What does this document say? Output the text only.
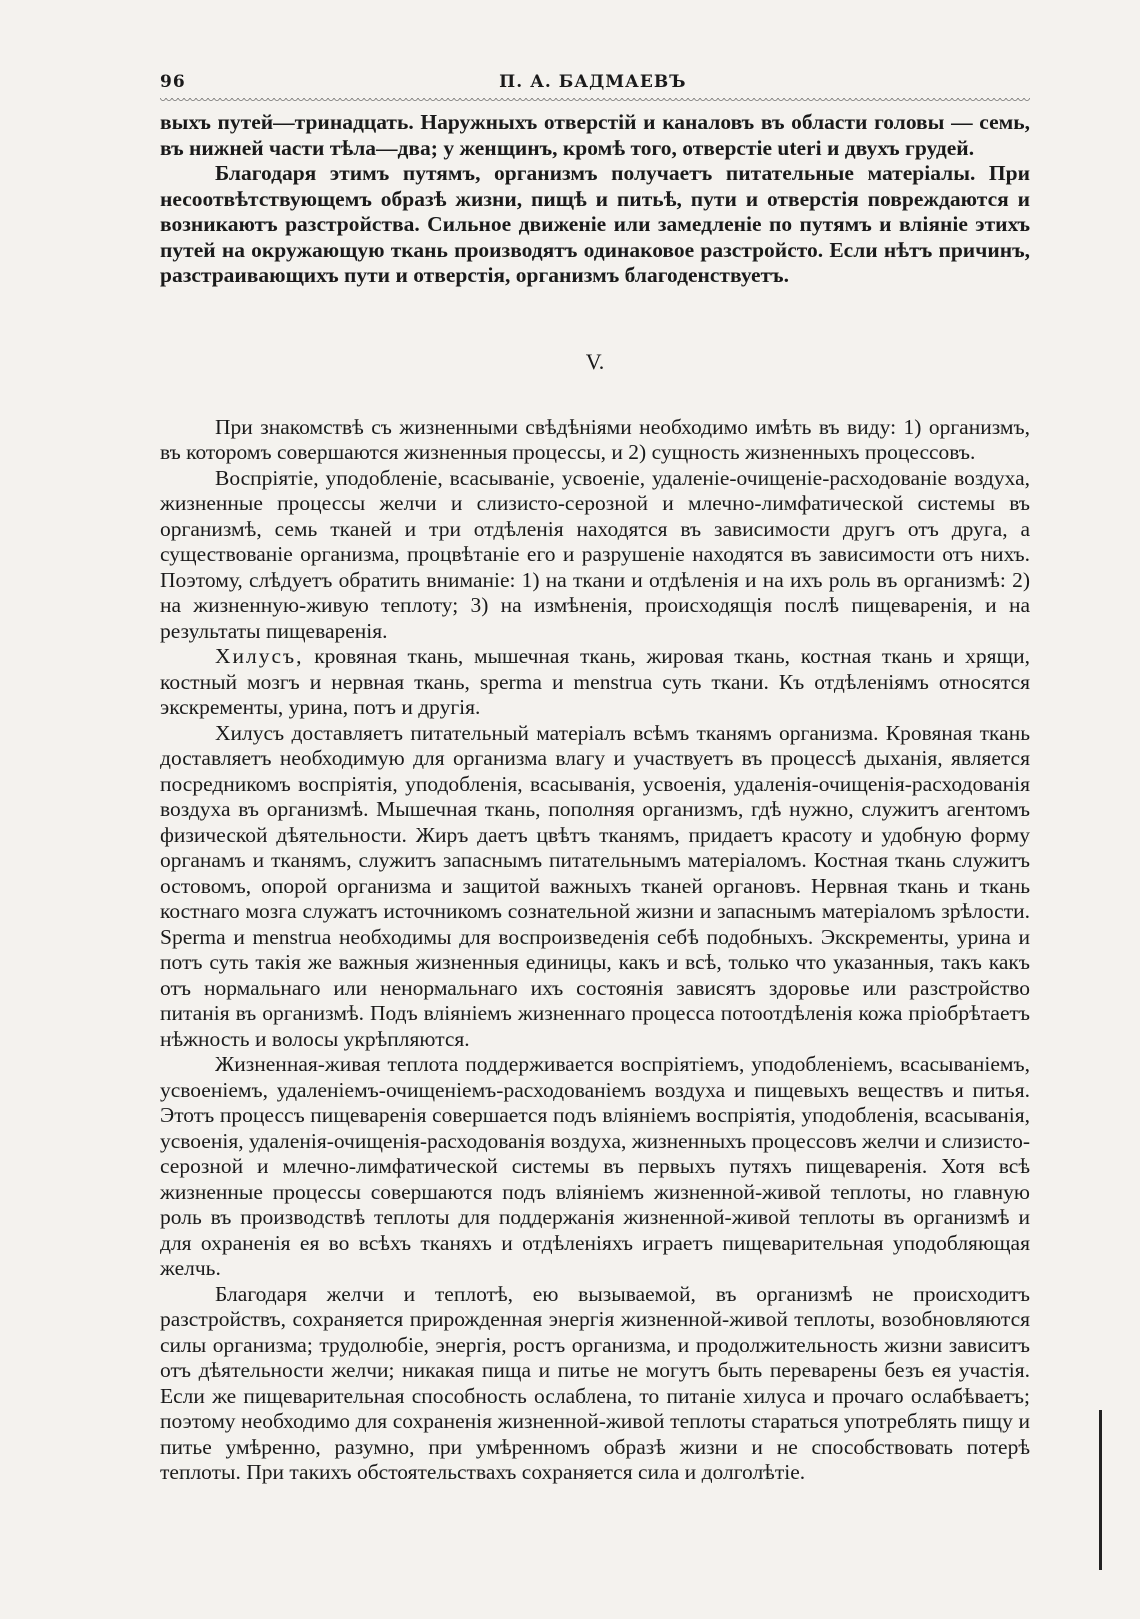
96	П. А. БАДМАЕВЪ

выхъ путей—тринадцать. Наружныхъ отверстій и каналовъ въ области головы — семь, въ нижней части тѣла—два; у женщинъ, кромѣ того, отверстіе uteri и двухъ грудей.

Благодаря этимъ путямъ, организмъ получаетъ питательные матеріалы. При несоотвѣтствующемъ образѣ жизни, пищѣ и питьѣ, пути и отверстія повреждаются и возникаютъ разстройства. Сильное движеніе или замедленіе по путямъ и вліяніе этихъ путей на окружающую ткань производятъ одинаковое разстройсто. Если нѣтъ причинъ, разстраивающихъ пути и отверстія, организмъ благоденствуетъ.

V.

При знакомствѣ съ жизненными свѣдѣніями необходимо имѣть въ виду: 1) организмъ, въ которомъ совершаются жизненныя процессы, и 2) сущность жизненныхъ процессовъ.

Воспріятіе, уподобленіе, всасываніе, усвоеніе, удаленіе-очищеніе-расходованіе воздуха, жизненные процессы желчи и слизисто-серозной и млечно-лимфатической системы въ организмѣ, семь тканей и три отдѣленія находятся въ зависимости другъ отъ друга, а существованіе организма, процвѣтаніе его и разрушеніе находятся въ зависимости отъ нихъ. Поэтому, слѣдуетъ обратить вниманіе: 1) на ткани и отдѣленія и на ихъ роль въ организмѣ: 2) на жизненную-живую теплоту; 3) на измѣненія, происходящія послѣ пищеваренія, и на результаты пищеваренія.

Хилусъ, кровяная ткань, мышечная ткань, жировая ткань, костная ткань и хрящи, костный мозгъ и нервная ткань, sperma и menstrua суть ткани. Къ отдѣленіямъ относятся экскременты, урина, потъ и другія.

Хилусъ доставляетъ питательный матеріалъ всѣмъ тканямъ организма. Кровяная ткань доставляетъ необходимую для организма влагу и участвуетъ въ процессѣ дыханія, является посредникомъ воспріятія, уподобленія, всасыванія, усвоенія, удаленія-очищенія-расходованія воздуха въ организмѣ. Мышечная ткань, пополняя организмъ, гдѣ нужно, служитъ агентомъ физической дѣятельности. Жиръ даетъ цвѣтъ тканямъ, придаетъ красоту и удобную форму органамъ и тканямъ, служитъ запаснымъ питательнымъ матеріаломъ. Костная ткань служитъ остовомъ, опорой организма и защитой важныхъ тканей органовъ. Нервная ткань и ткань костнаго мозга служатъ источникомъ сознательной жизни и запаснымъ матеріаломъ зрѣлости. Sperma и menstrua необходимы для воспроизведенія себѣ подобныхъ. Экскременты, урина и потъ суть такія же важныя жизненныя единицы, какъ и всѣ, только что указанныя, такъ какъ отъ нормальнаго или ненормальнаго ихъ состоянія зависятъ здоровье или разстройство питанія въ организмѣ. Подъ вліяніемъ жизненнаго процесса потоотдѣленія кожа пріобрѣтаетъ нѣжность и волосы укрѣпляются.

Жизненная-живая теплота поддерживается воспріятіемъ, уподобленіемъ, всасываніемъ, усвоеніемъ, удаленіемъ-очищеніемъ-расходованіемъ воздуха и пищевыхъ веществъ и питья. Этотъ процессъ пищеваренія совершается подъ вліяніемъ воспріятія, уподобленія, всасыванія, усвоенія, удаленія-очищенія-расходованія воздуха, жизненныхъ процессовъ желчи и слизисто-серозной и млечно-лимфатической системы въ первыхъ путяхъ пищеваренія. Хотя всѣ жизненные процессы совершаются подъ вліяніемъ жизненной-живой теплоты, но главную роль въ производствѣ теплоты для поддержанія жизненной-живой теплоты въ организмѣ и для охраненія ея во всѣхъ тканяхъ и отдѣленіяхъ играетъ пищеварительная уподобляющая желчь.

Благодаря желчи и теплотѣ, ею вызываемой, въ организмѣ не происходитъ разстройствъ, сохраняется прирожденная энергія жизненной-живой теплоты, возобновляются силы организма; трудолюбіе, энергія, ростъ организма, и продолжительность жизни зависитъ отъ дѣятельности желчи; никакая пища и питье не могутъ быть переварены безъ ея участія. Если же пищеварительная способность ослаблена, то питаніе хилуса и прочаго ослабѣваетъ; поэтому необходимо для сохраненія жизненной-живой теплоты стараться употреблять пищу и питье умѣренно, разумно, при умѣренномъ образѣ жизни и не способствовать потерѣ теплоты. При такихъ обстоятельствахъ сохраняется сила и долголѣтіе.
